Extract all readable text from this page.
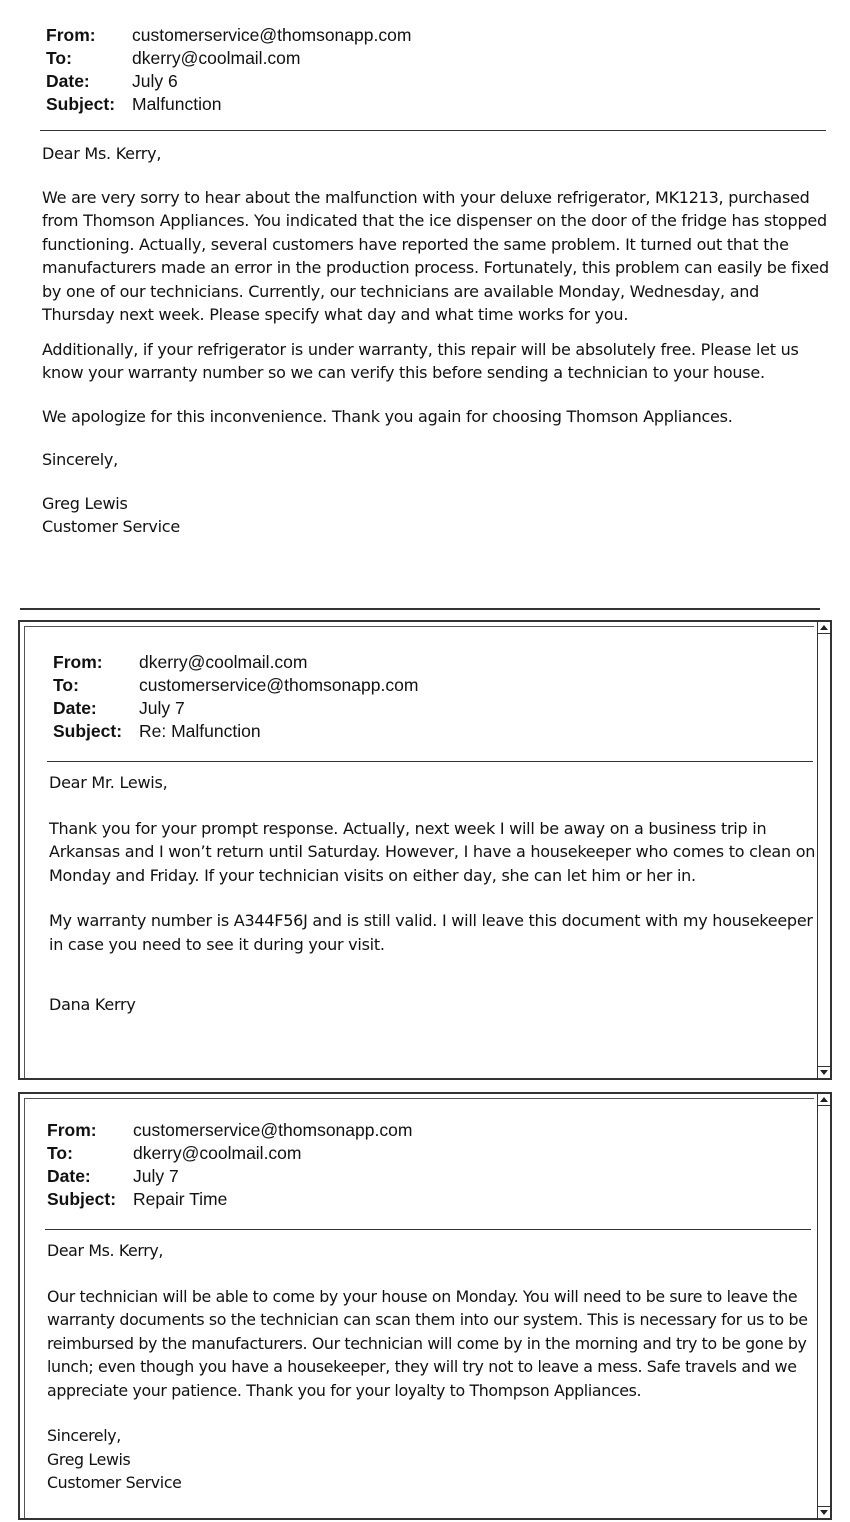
From:	customerservice@thomsonapp.com
To:	dkerry@coolmail.com
Date:	July 6
Subject: Malfunction

Dear Ms. Kerry,

We are very sorry to hear about the malfunction with your deluxe refrigerator, MK1213, purchased from Thomson Appliances. You indicated that the ice dispenser on the door of the fridge has stopped functioning. Actually, several customers have reported the same problem. It turned out that the manufacturers made an error in the production process. Fortunately, this problem can easily be fixed by one of our technicians. Currently, our technicians are available Monday, Wednesday, and Thursday next week. Please specify what day and what time works for you.

Additionally, if your refrigerator is under warranty, this repair will be absolutely free. Please let us know your warranty number so we can verify this before sending a technician to your house.

We apologize for this inconvenience. Thank you again for choosing Thomson Appliances.

Sincerely,

Greg Lewis

Customer Service

From:	dkerry@coolmail.com
To:	customerservice@thomsonapp.com
Date:	July 7
Subject: Re: Malfunction

Dear Mr. Lewis,

Thank you for your prompt response. Actually, next week I will be away on a business trip in Arkansas and I won’t return until Saturday. However, I have a housekeeper who comes to clean on Monday and Friday. If your technician visits on either day, she can let him or her in.

My warranty number is A344F56J and is still valid. I will leave this document with my housekeeper in case you need to see it during your visit.

Dana Kerry

From:	customerservice@thomsonapp.com
To:	dkerry@coolmail.com
Date:	July 7
Subject: Repair Time

Dear Ms. Kerry,

Our technician will be able to come by your house on Monday. You will need to be sure to leave the warranty documents so the technician can scan them into our system. This is necessary for us to be reimbursed by the manufacturers. Our technician will come by in the morning and try to be gone by lunch; even though you have a housekeeper, they will try not to leave a mess. Safe travels and we appreciate your patience. Thank you for your loyalty to Thompson Appliances.

Sincerely,

Greg Lewis

Customer Service
